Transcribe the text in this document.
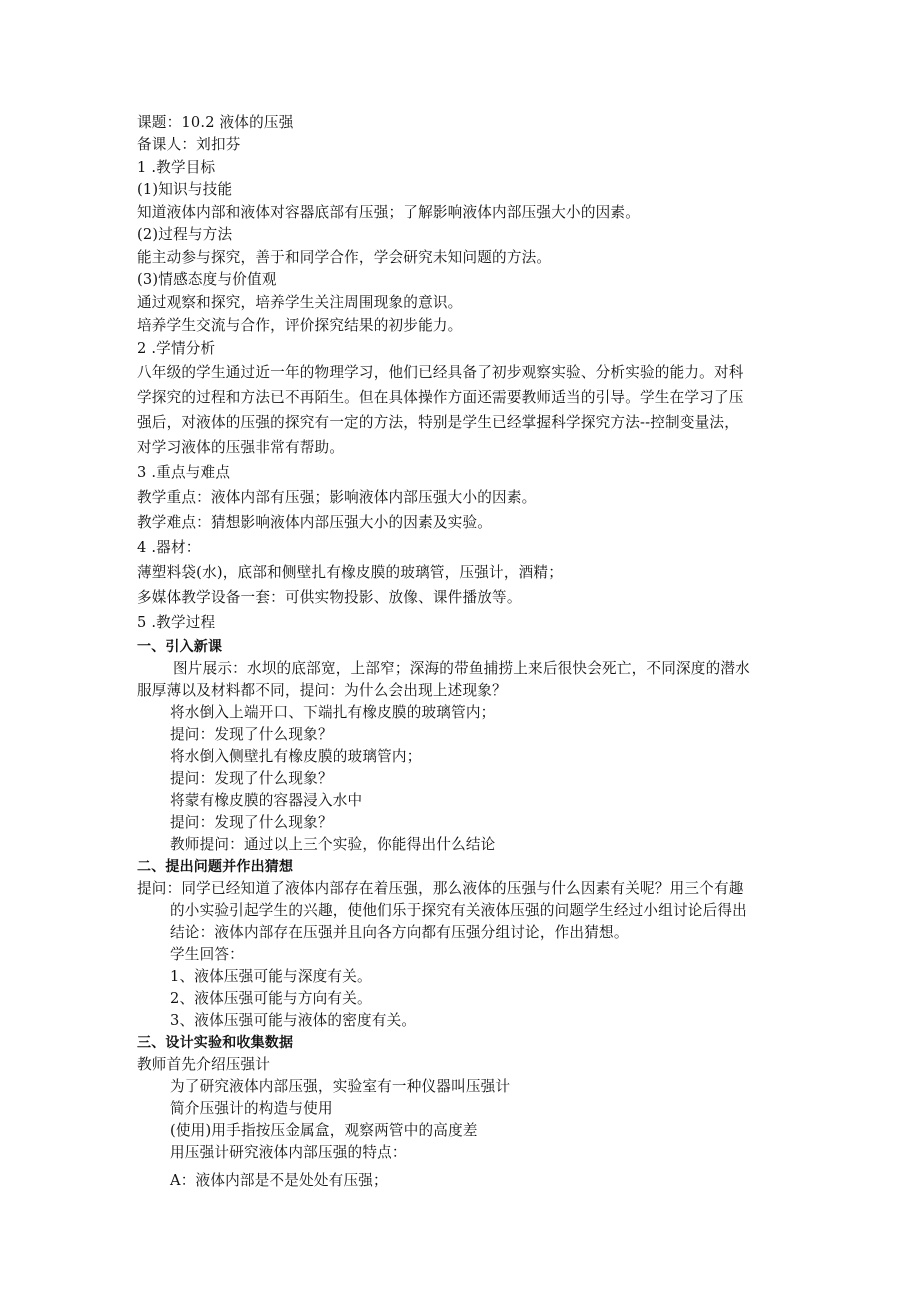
课题：10.2 液体的压强
备课人：刘扣芬
1 .教学目标
(1)知识与技能
知道液体内部和液体对容器底部有压强；了解影响液体内部压强大小的因素。
(2)过程与方法
能主动参与探究，善于和同学合作，学会研究未知问题的方法。
(3)情感态度与价值观
通过观察和探究，培养学生关注周围现象的意识。
培养学生交流与合作，评价探究结果的初步能力。
2 .学情分析
八年级的学生通过近一年的物理学习，他们已经具备了初步观察实验、分析实验的能力。对科
学探究的过程和方法已不再陌生。但在具体操作方面还需要教师适当的引导。学生在学习了压
强后，对液体的压强的探究有一定的方法，特别是学生已经掌握科学探究方法--控制变量法，
对学习液体的压强非常有帮助。
3 .重点与难点
教学重点：液体内部有压强；影响液体内部压强大小的因素。
教学难点：猜想影响液体内部压强大小的因素及实验。
4 .器材：
薄塑料袋(水)，底部和侧壁扎有橡皮膜的玻璃管，压强计，酒精；
多媒体教学设备一套：可供实物投影、放像、课件播放等。
5 .教学过程
一、引入新课
图片展示：水坝的底部宽，上部窄；深海的带鱼捕捞上来后很快会死亡，不同深度的潜水
服厚薄以及材料都不同，提问：为什么会出现上述现象？
将水倒入上端开口、下端扎有橡皮膜的玻璃管内；
提问：发现了什么现象？
将水倒入侧壁扎有橡皮膜的玻璃管内；
提问：发现了什么现象？
将蒙有橡皮膜的容器浸入水中
提问：发现了什么现象？
教师提问：通过以上三个实验，你能得出什么结论
二、提出问题并作出猜想
提问：同学已经知道了液体内部存在着压强，那么液体的压强与什么因素有关呢？用三个有趣
的小实验引起学生的兴趣，使他们乐于探究有关液体压强的问题学生经过小组讨论后得出
结论：液体内部存在压强并且向各方向都有压强分组讨论，作出猜想。
学生回答：
1、液体压强可能与深度有关。
2、液体压强可能与方向有关。
3、液体压强可能与液体的密度有关。
三、设计实验和收集数据
教师首先介绍压强计
为了研究液体内部压强，实验室有一种仪器叫压强计
简介压强计的构造与使用
(使用)用手指按压金属盒，观察两管中的高度差
用压强计研究液体内部压强的特点：
A：液体内部是不是处处有压强；
